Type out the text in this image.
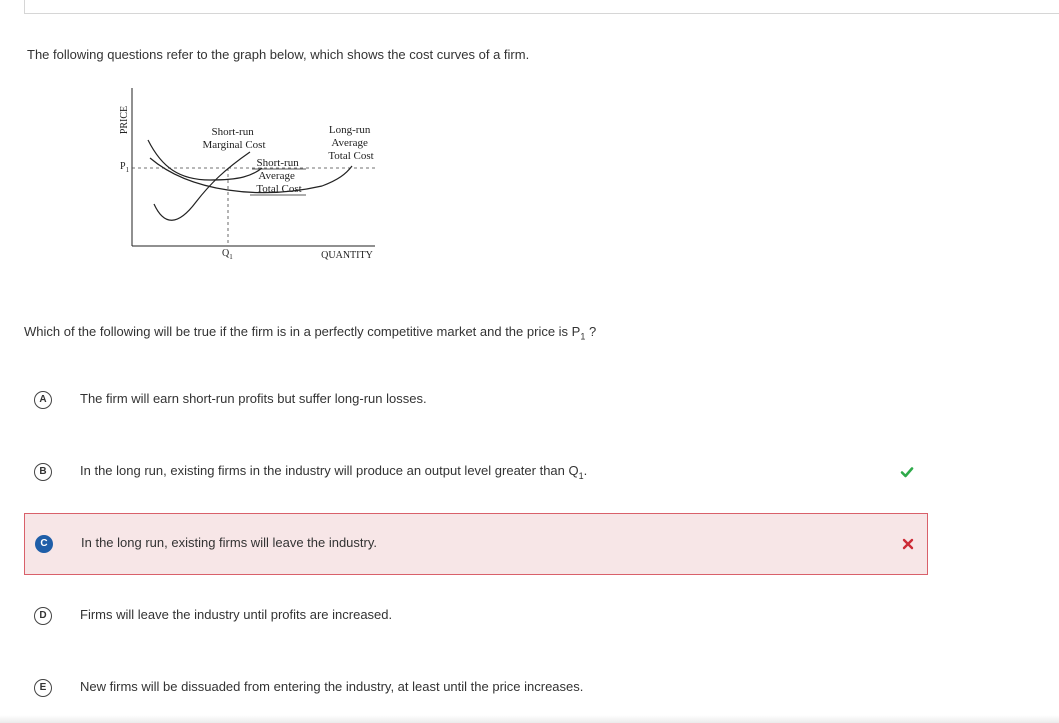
The following questions refer to the graph below, which shows the cost curves of a firm.
PRICE
QUANTITY
$P_1$
$Q_1$
Short-run Marginal Cost
Long-run Average Total Cost
Short-run Average Total Cost
Which of the following will be true if the firm is in a perfectly competitive market and the price is $P_1$ ?
A	The firm will earn short-run profits but suffer long-run losses.
B	In the long run, existing firms in the industry will produce an output level greater than $Q_1$.
C	In the long run, existing firms will leave the industry.
D	Firms will leave the industry until profits are increased.
E	New firms will be dissuaded from entering the industry, at least until the price increases.
